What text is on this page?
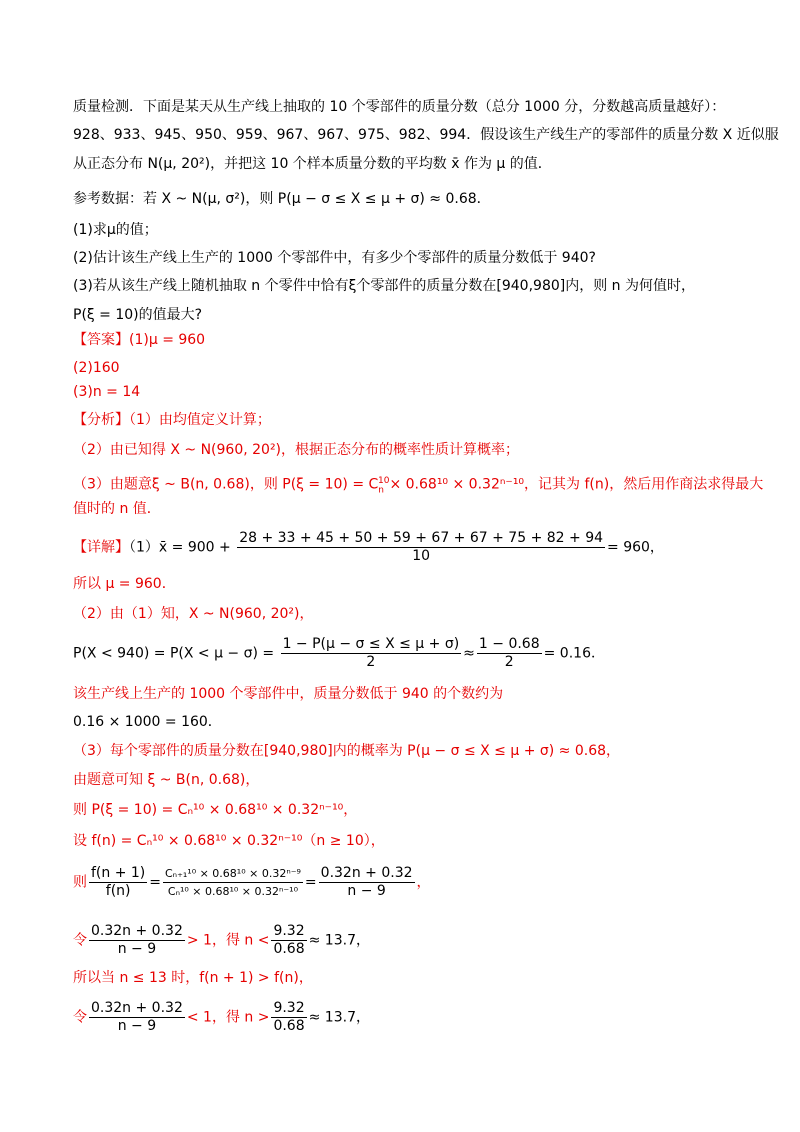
质量检测．下面是某天从生产线上抽取的 10 个零部件的质量分数（总分 1000 分，分数越高质量越好）：
928、933、945、950、959、967、967、975、982、994．假设该生产线生产的零部件的质量分数 X 近似服
从正态分布 N(μ, 20²)，并把这 10 个样本质量分数的平均数 x̄ 作为 μ 的值．
参考数据：若 X ~ N(μ, σ²)，则 P(μ − σ ≤ X ≤ μ + σ) ≈ 0.68．
(1)求μ的值；
(2)估计该生产线上生产的 1000 个零部件中，有多少个零部件的质量分数低于 940?
(3)若从该生产线上随机抽取 n 个零件中恰有ξ个零部件的质量分数在[940,980]内，则 n 为何值时，
P(ξ = 10)的值最大?
【答案】(1)μ = 960
(2)160
(3)n = 14
【分析】（1）由均值定义计算；
（2）由已知得 X ~ N(960, 20²)，根据正态分布的概率性质计算概率；
（3）由题意ξ ~ B(n, 0.68)，则 $P(\xi = 10) = C_n^{10}\times 0.68^{10} \times 0.32^{n-10}$，记其为 f(n)，然后用作商法求得最大
值时的 n 值．
【详解】（1）x̄ = $900 + \frac{28 + 33 + 45 + 50 + 59 + 67 + 67 + 75 + 82 + 94}{10} = 960$，
所以 μ = 960．
（2）由（1）知，X ~ N(960, 20²)，
$P(X < 940) = P(X < \mu - \sigma) = \frac{1 - P(\mu - \sigma \le X \le \mu + \sigma)}{2} \approx \frac{1 - 0.68}{2} = 0.16$．
该生产线上生产的 1000 个零部件中，质量分数低于 940 的个数约为
0.16 × 1000 = 160．
（3）每个零部件的质量分数在[940,980]内的概率为 P(μ − σ ≤ X ≤ μ + σ) ≈ 0.68，
由题意可知 ξ ~ B(n, 0.68)，
则 P(ξ = 10) = Cₙ¹⁰ × 0.68¹⁰ × 0.32ⁿ⁻¹⁰，
设 f(n) = Cₙ¹⁰ × 0.68¹⁰ × 0.32ⁿ⁻¹⁰（n ≥ 10），
则 $\frac{f(n + 1)}{f(n)} = \frac{\text{Cₙ₊₁¹⁰ × 0.68¹⁰ × 0.32ⁿ⁻⁹}}{\text{Cₙ¹⁰ × 0.68¹⁰ × 0.32ⁿ⁻¹⁰}} = \frac{0.32n + 0.32}{n - 9}$ ，
令 $\frac{0.32n + 0.32}{n - 9} > 1$，得 $n < \frac{9.32}{0.68} \approx 13.7$，
所以当 n ≤ 13 时，f(n + 1) > f(n)，
令 $\frac{0.32n + 0.32}{n - 9} < 1$，得 $n > \frac{9.32}{0.68} \approx 13.7$，
